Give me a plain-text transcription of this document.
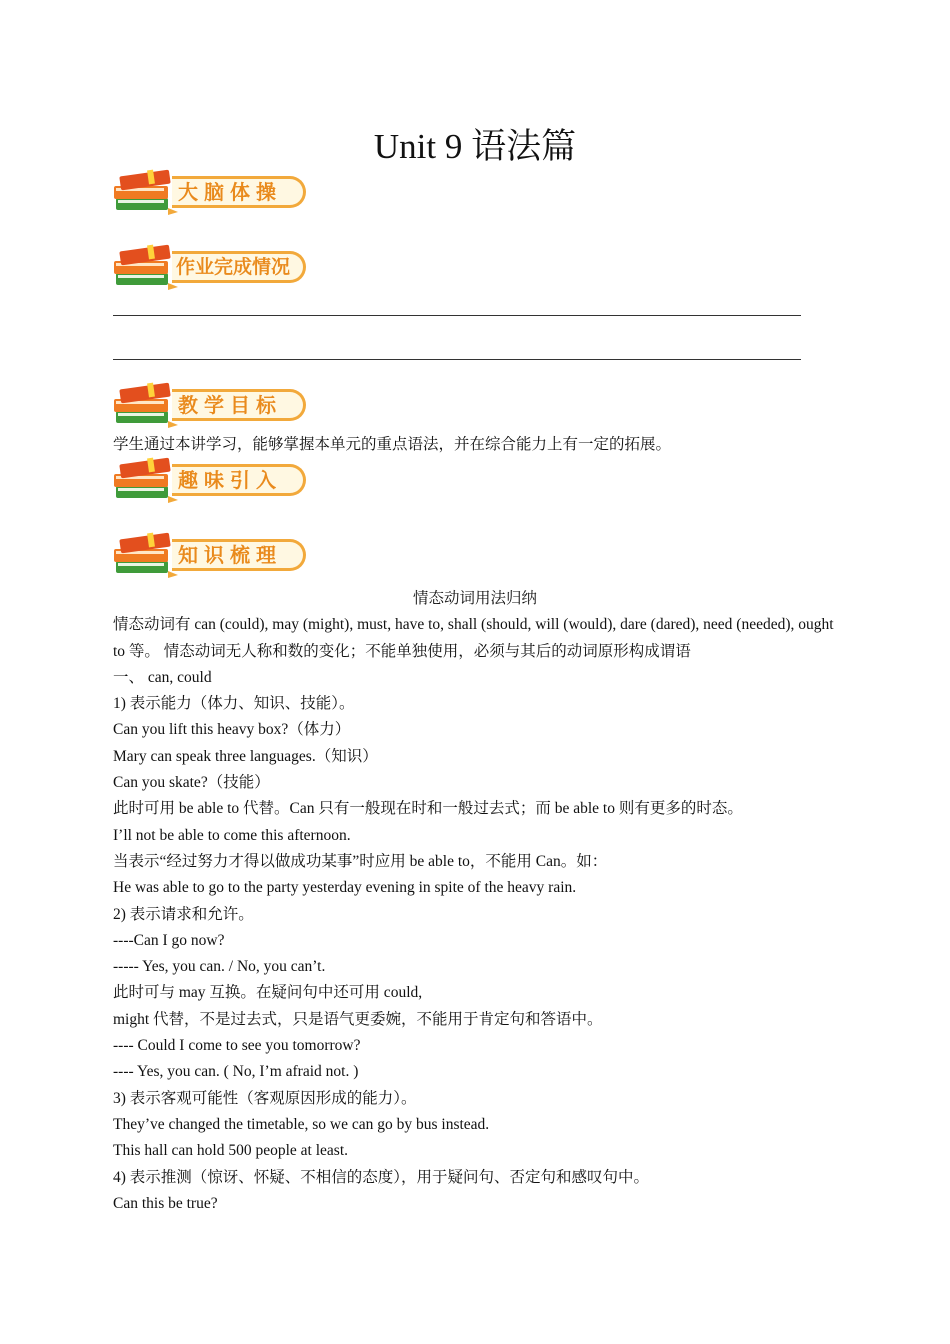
Unit 9 语法篇
大脑体操
作业完成情况
教学目标

学生通过本讲学习，能够掌握本单元的重点语法，并在综合能力上有一定的拓展。

趣味引入
知识梳理

情态动词用法归纳

情态动词有 can (could), may (might), must, have to, shall (should, will (would), dare (dared), need (needed), ought to 等。 情态动词无人称和数的变化；不能单独使用，必须与其后的动词原形构成谓语

一、 can, could

1) 表示能力（体力、知识、技能）。

Can you lift this heavy box?（体力）

Mary can speak three languages.（知识）

Can you skate?（技能）

此时可用 be able to 代替。Can 只有一般现在时和一般过去式；而 be able to 则有更多的时态。

I’ll not be able to come this afternoon.

当表示“经过努力才得以做成功某事”时应用 be able to，不能用 Can。如：

He was able to go to the party yesterday evening in spite of the heavy rain.

2) 表示请求和允许。

----Can I go now?

----- Yes, you can. / No, you can’t.

此时可与 may 互换。在疑问句中还可用 could,

might 代替，不是过去式，只是语气更委婉，不能用于肯定句和答语中。

---- Could I come to see you tomorrow?

---- Yes, you can. ( No, I’m afraid not. )

3) 表示客观可能性（客观原因形成的能力）。

They’ve changed the timetable, so we can go by bus instead.

This hall can hold 500 people at least.

4) 表示推测（惊讶、怀疑、不相信的态度），用于疑问句、否定句和感叹句中。

Can this be true?
